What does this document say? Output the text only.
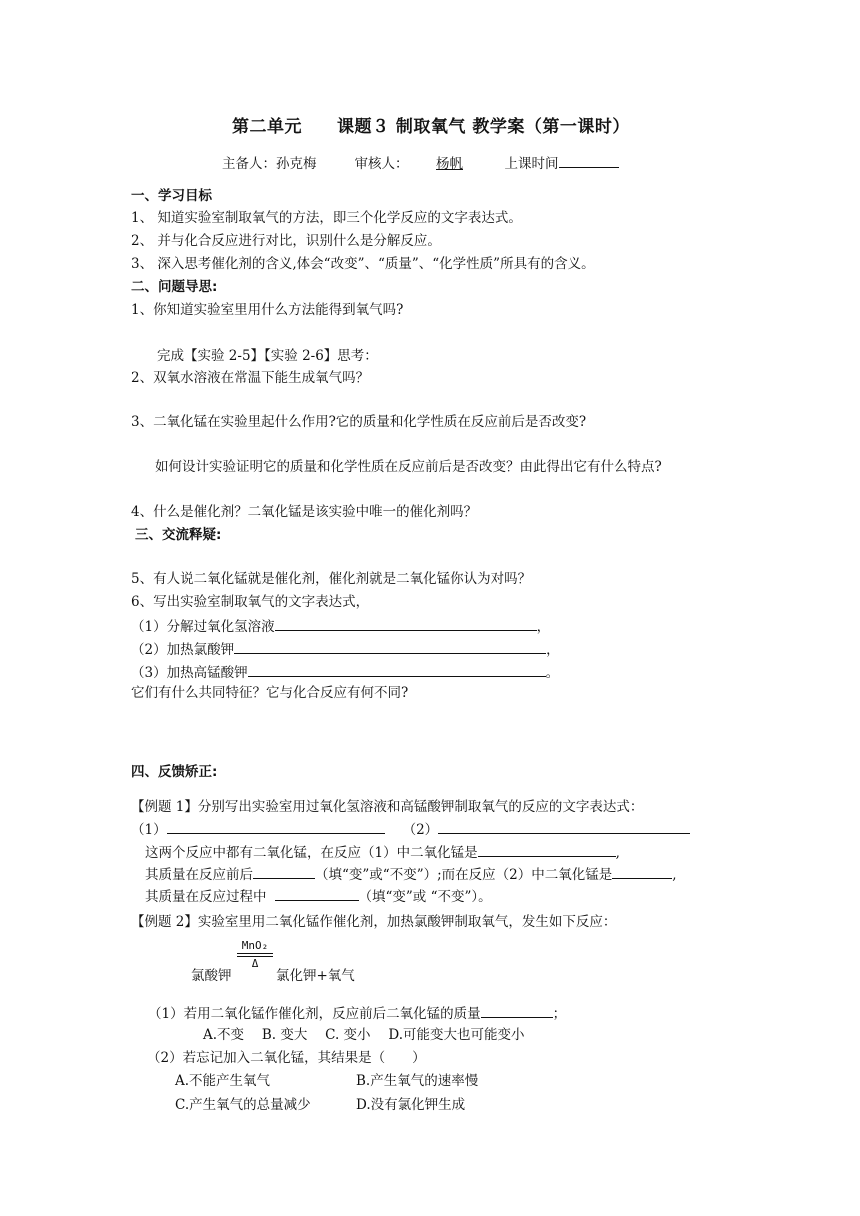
第二单元　　课题３ 制取氧气 教学案（第一课时）
主备人：孙克梅	审核人： 杨帆	上课时间
一、学习目标
1、 知道实验室制取氧气的方法，即三个化学反应的文字表达式。
2、 并与化合反应进行对比，识别什么是分解反应。
3、 深入思考催化剂的含义,体会“改变”、“质量”、“化学性质”所具有的含义。
二、问题导思:
1、你知道实验室里用什么方法能得到氧气吗?
完成【实验 2-5】【实验 2-6】思考：
2、双氧水溶液在常温下能生成氧气吗？
3、二氧化锰在实验里起什么作用?它的质量和化学性质在反应前后是否改变?
如何设计实验证明它的质量和化学性质在反应前后是否改变？由此得出它有什么特点?
4、什么是催化剂？二氧化锰是该实验中唯一的催化剂吗？
三、交流释疑:
5、有人说二氧化锰就是催化剂，催化剂就是二氧化锰你认为对吗？
6、写出实验室制取氧气的文字表达式，
（1）分解过氧化氢溶液	，
（2）加热氯酸钾	，
（3）加热高锰酸钾	。
它们有什么共同特征？它与化合反应有何不同?
四、反馈矫正:
【例题 1】分别写出实验室用过氧化氢溶液和高锰酸钾制取氧气的反应的文字表达式：
（1）	（2）
这两个反应中都有二氧化锰，在反应（1）中二氧化锰是	,
其质量在反应前后	（填“变”或“不变”）;而在反应（2）中二氧化锰是	,
其质量在反应过程中	（填“变”或 “不变”）。
【例题 2】实验室里用二氧化锰作催化剂，加热氯酸钾制取氧气，发生如下反应：
氯酸钾
MnO₂
Δ
氯化钾+氧气
（1）若用二氧化锰作催化剂，反应前后二氧化锰的质量	；
A.不变　 B. 变大　 C. 变小　 D.可能变大也可能变小
（2）若忘记加入二氧化锰，其结果是（　　）
A.不能产生氧气	B.产生氧气的速率慢
C.产生氧气的总量减少	D.没有氯化钾生成
